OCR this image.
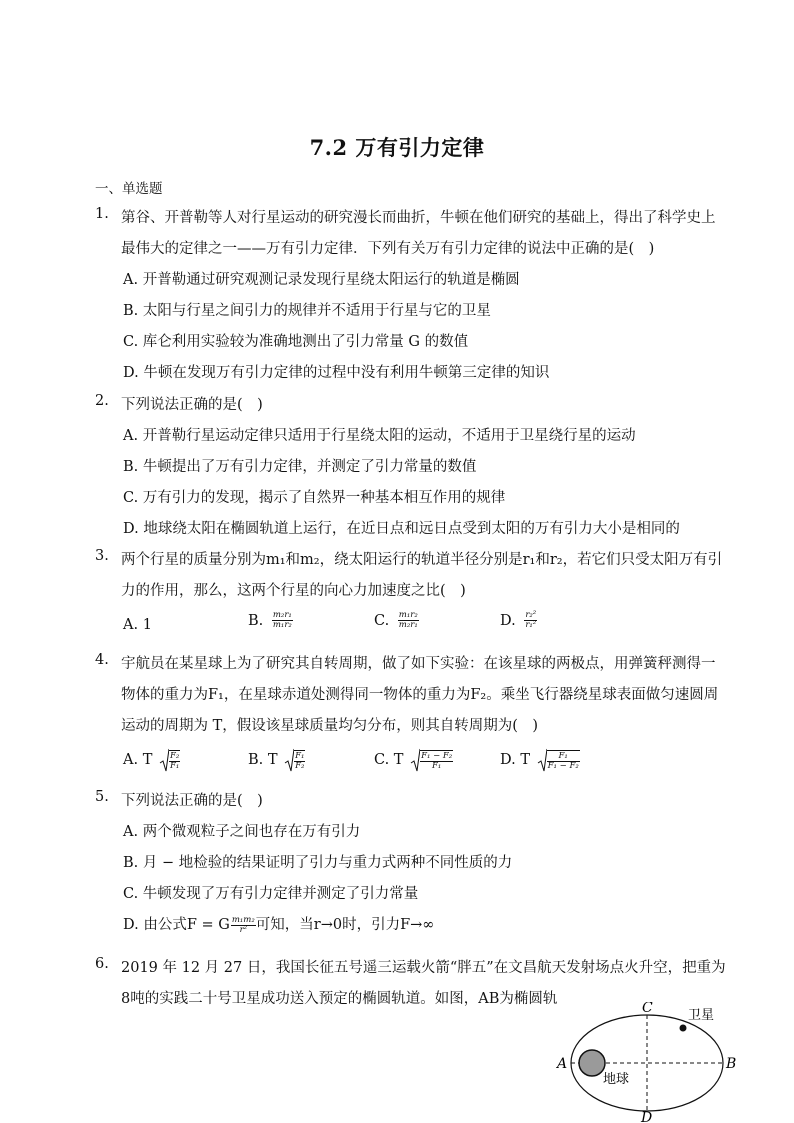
7.2 万有引力定律
一、单选题
1. 第谷、开普勒等人对行星运动的研究漫长而曲折，牛顿在他们研究的基础上，得出了科学史上
最伟大的定律之一——万有引力定律．下列有关万有引力定律的说法中正确的是(　)
A. 开普勒通过研究观测记录发现行星绕太阳运行的轨道是椭圆
B. 太阳与行星之间引力的规律并不适用于行星与它的卫星
C. 库仑利用实验较为准确地测出了引力常量 G 的数值
D. 牛顿在发现万有引力定律的过程中没有利用牛顿第三定律的知识
2. 下列说法正确的是(　)
A. 开普勒行星运动定律只适用于行星绕太阳的运动，不适用于卫星绕行星的运动
B. 牛顿提出了万有引力定律，并测定了引力常量的数值
C. 万有引力的发现，揭示了自然界一种基本相互作用的规律
D. 地球绕太阳在椭圆轨道上运行，在近日点和远日点受到太阳的万有引力大小是相同的
3. 两个行星的质量分别为m₁和m₂，绕太阳运行的轨道半径分别是r₁和r₂，若它们只受太阳万有引
力的作用，那么，这两个行星的向心力加速度之比(　)
A. 1	B. $\frac{\text{m₂r₁}}{\text{m₁r₂}}$	C. $\frac{\text{m₁r₂}}{\text{m₂r₁}}$	D. $\frac{\text{r₂²}}{\text{r₁²}}$
4. 宇航员在某星球上为了研究其自转周期，做了如下实验：在该星球的两极点，用弹簧秤测得一
物体的重力为F₁，在星球赤道处测得同一物体的重力为F₂。乘坐飞行器绕星球表面做匀速圆周
运动的周期为 T，假设该星球质量均匀分布，则其自转周期为(　)
A. T $\frac{\text{F₂}}{\text{F₁}}$	B. T $\frac{\text{F₁}}{\text{F₂}}$	C. T $\frac{\text{F₁ − F₂}}{\text{F₁}}$	D. T $\frac{\text{F₁}}{\text{F₁ − F₂}}$
5. 下列说法正确的是(　)
A. 两个微观粒子之间也存在万有引力
B. 月 − 地检验的结果证明了引力与重力式两种不同性质的力
C. 牛顿发现了万有引力定律并测定了引力常量
D. 由公式F = G $\frac{\text{m₁m₂}}{\text{r²}}$ 可知，当r→0时，引力F→∞
6. 2019 年 12 月 27 日，我国长征五号遥三运载火箭“胖五”在文昌航天发射场点火升空，把重为
8吨的实践二十号卫星成功送入预定的椭圆轨道。如图，AB为椭圆轨
A	B
C
D
卫星
地球
